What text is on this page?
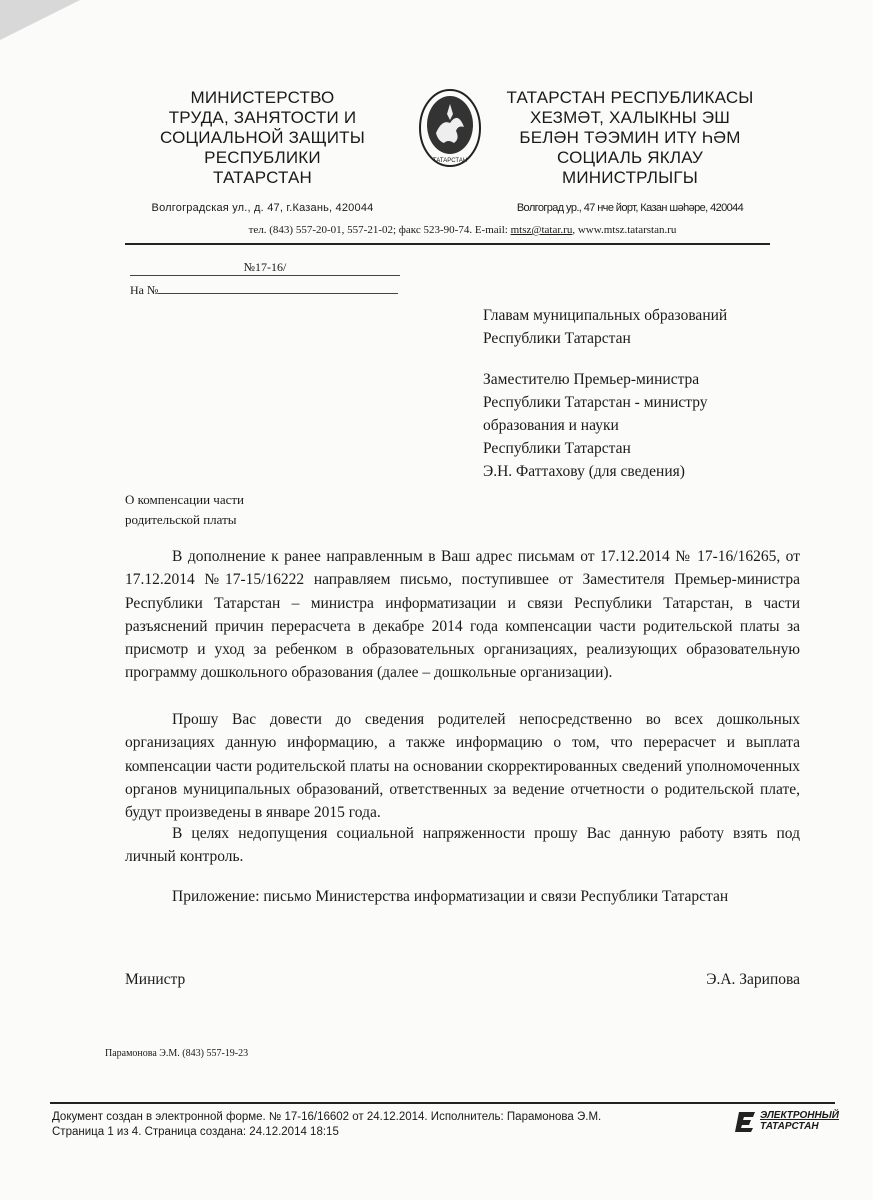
МИНИСТЕРСТВО
ТРУДА, ЗАНЯТОСТИ И
СОЦИАЛЬНОЙ ЗАЩИТЫ
РЕСПУБЛИКИ
ТАТАРСТАН
Волгоградская ул., д. 47, г.Казань, 420044
ТАТАРСТАН
ТАТАРСТАН РЕСПУБЛИКАСЫ
ХЕЗМӘТ, ХАЛЫКНЫ ЭШ
БЕЛӘН ТӘЭМИН ИТҮ ҺӘМ
СОЦИАЛЬ ЯКЛАУ
МИНИСТРЛЫГЫ
Волгоград ур., 47 нче йорт, Казан шәһәре, 420044
тел. (843) 557-20-01, 557-21-02; факс 523-90-74. E-mail: mtsz@tatar.ru, www.mtsz.tatarstan.ru
№17-16/
На №
Главам муниципальных образований
Республики Татарстан
Заместителю Премьер-министра
Республики Татарстан - министру
образования и науки
Республики Татарстан
Э.Н. Фаттахову (для сведения)
О компенсации части
родительской платы
В дополнение к ранее направленным в Ваш адрес письмам от 17.12.2014 № 17-16/16265, от 17.12.2014 №17-15/16222 направляем письмо, поступившее от Заместителя Премьер-министра Республики Татарстан – министра информатизации и связи Республики Татарстан, в части разъяснений причин перерасчета в декабре 2014 года компенсации части родительской платы за присмотр и уход за ребенком в образовательных организациях, реализующих образовательную программу дошкольного образования (далее – дошкольные организации).
Прошу Вас довести до сведения родителей непосредственно во всех дошкольных организациях данную информацию, а также информацию о том, что перерасчет и выплата компенсации части родительской платы на основании скорректированных сведений уполномоченных органов муниципальных образований, ответственных за ведение отчетности о родительской плате, будут произведены в январе 2015 года.
В целях недопущения социальной напряженности прошу Вас данную работу взять под личный контроль.
Приложение: письмо Министерства информатизации и связи Республики Татарстан
Министр	Э.А. Зарипова
Парамонова Э.М. (843) 557-19-23
Документ создан в электронной форме. № 17-16/16602 от 24.12.2014. Исполнитель: Парамонова Э.М.
Страница 1 из 4. Страница создана: 24.12.2014 18:15
ЭЛЕКТРОННЫЙ
ТАТАРСТАН
